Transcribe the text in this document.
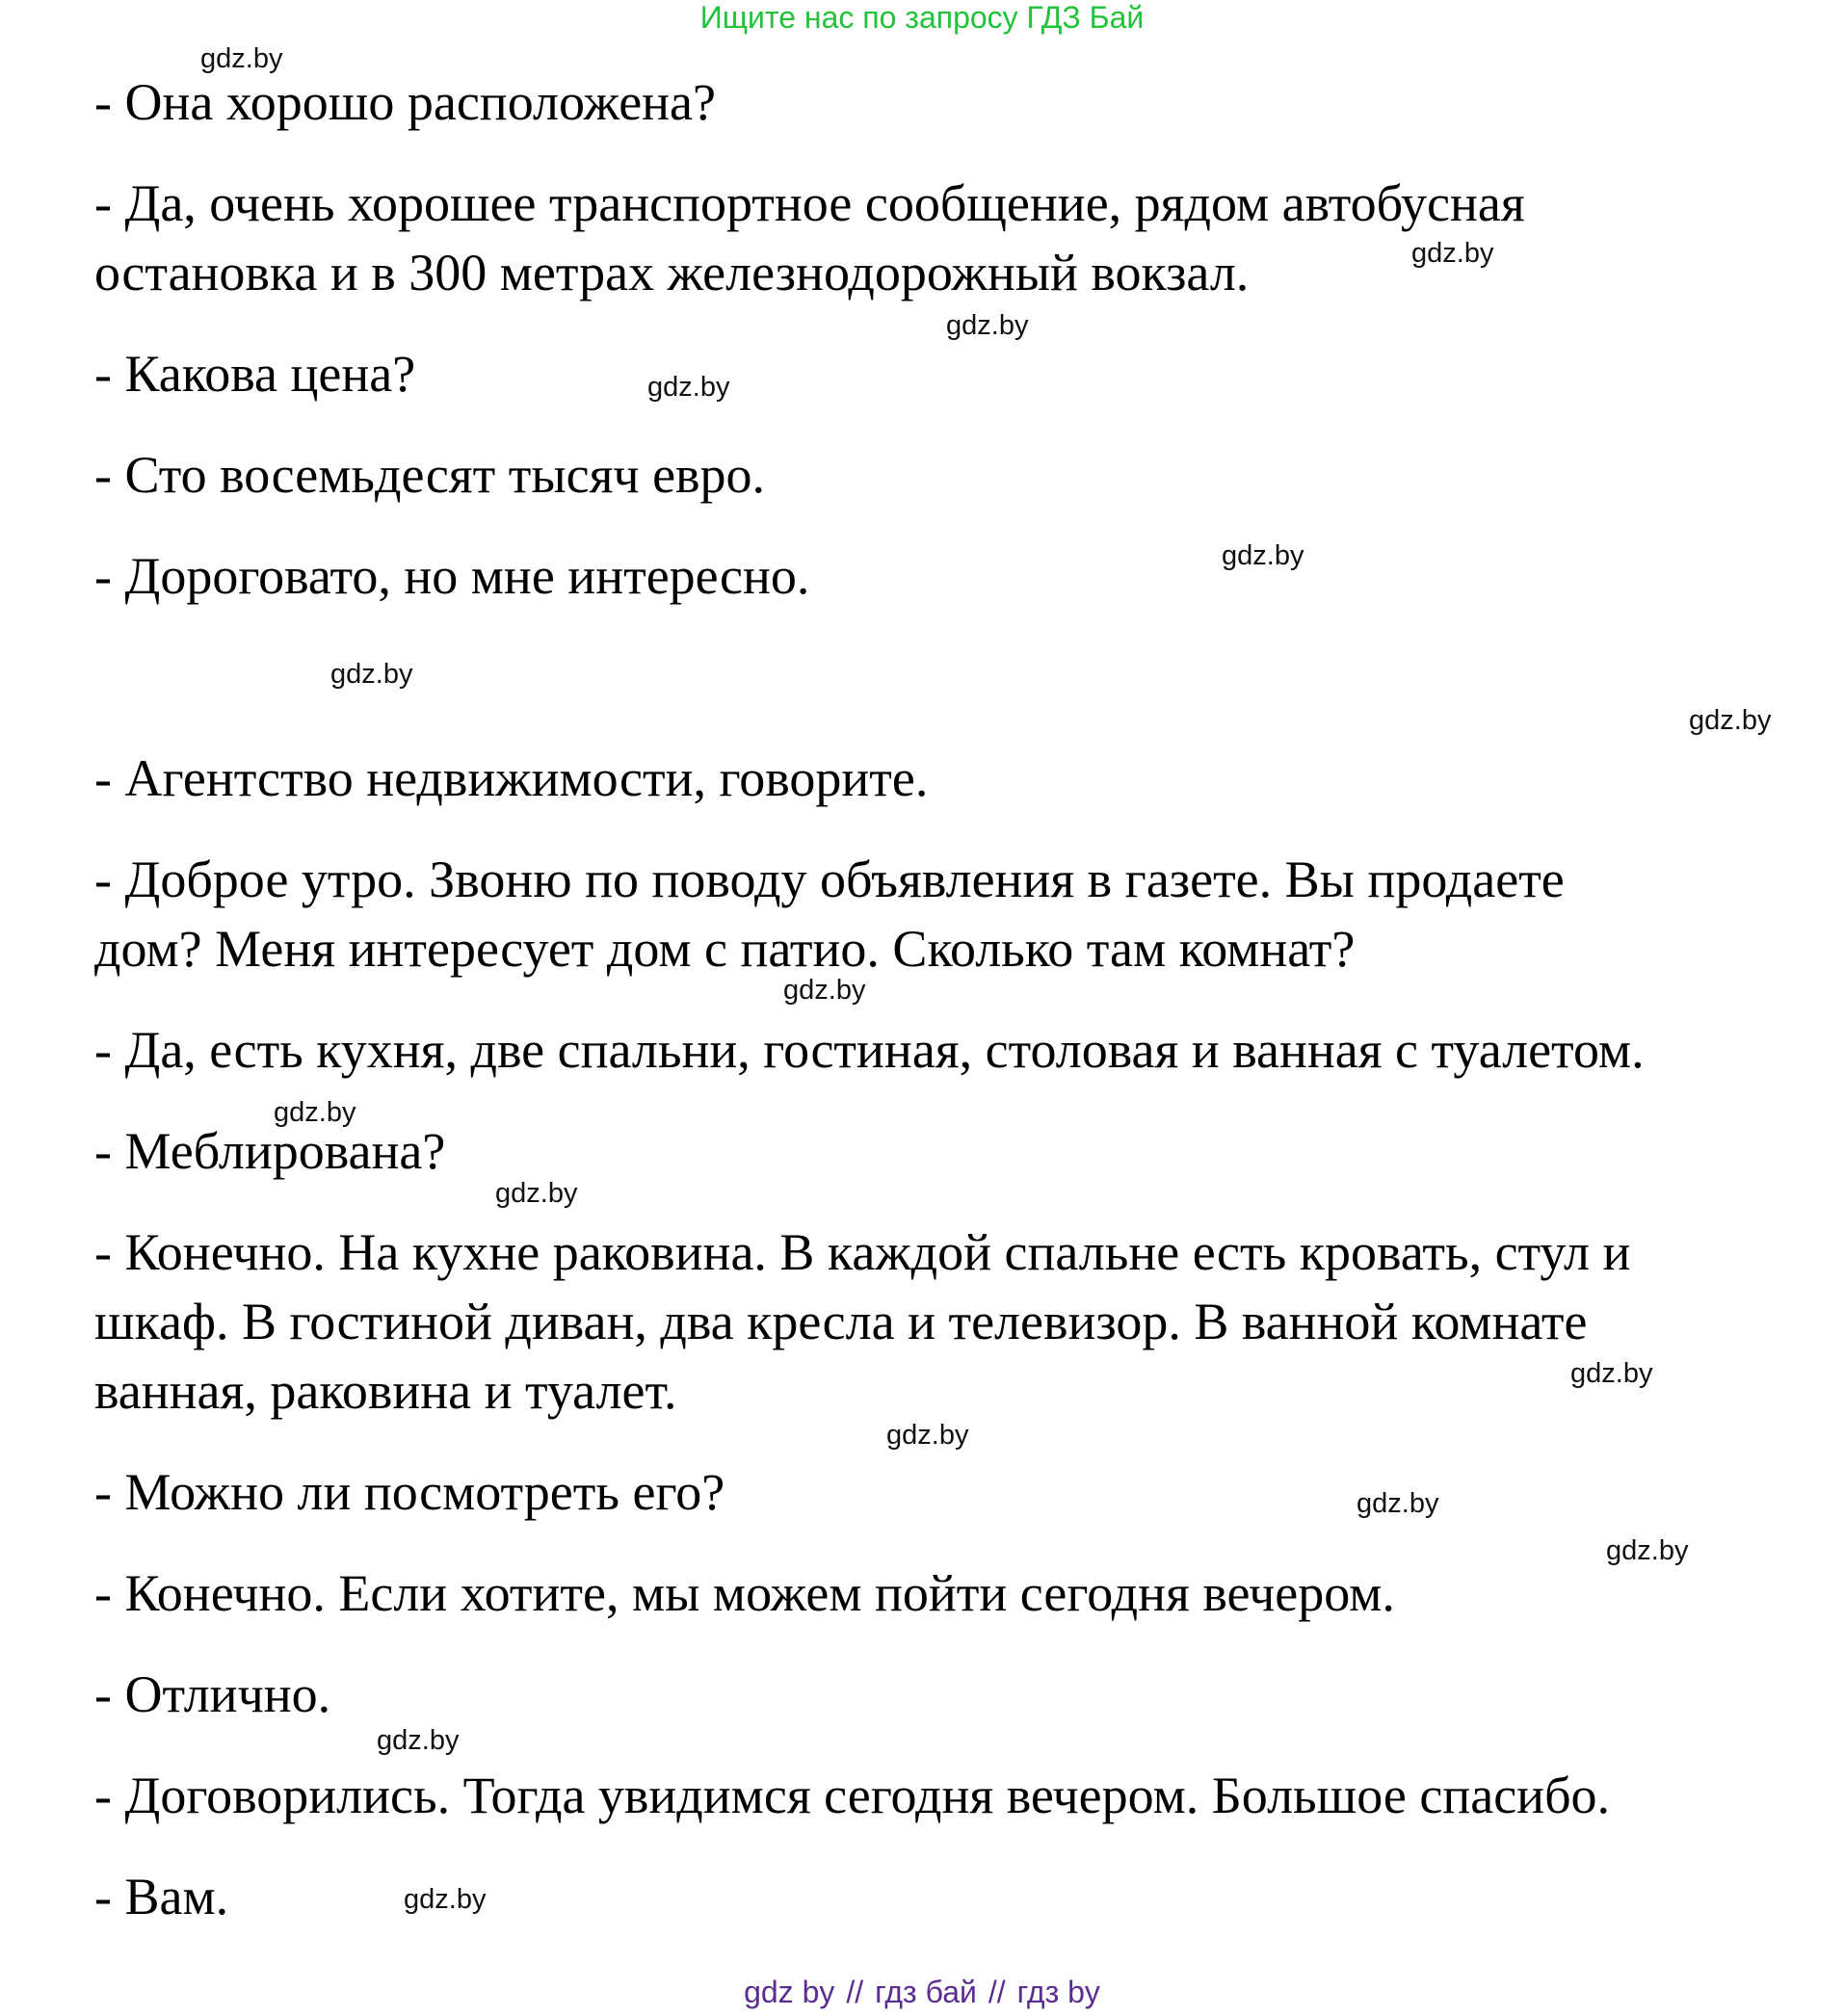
Ищите нас по запросу ГДЗ Бай
- Она хорошо расположена?
- Да, очень хорошее транспортное сообщение, рядом автобусная
остановка и в 300 метрах железнодорожный вокзал.
- Какова цена?
- Сто восемьдесят тысяч евро.
- Дороговато, но мне интересно.
- Агентство недвижимости, говорите.
- Доброе утро. Звоню по поводу объявления в газете. Вы продаете
дом? Меня интересует дом с патио. Сколько там комнат?
- Да, есть кухня, две спальни, гостиная, столовая и ванная с туалетом.
- Меблирована?
- Конечно. На кухне раковина. В каждой спальне есть кровать, стул и
шкаф. В гостиной диван, два кресла и телевизор. В ванной комнате
ванная, раковина и туалет.
- Можно ли посмотреть его?
- Конечно. Если хотите, мы можем пойти сегодня вечером.
- Отлично.
- Договорились. Тогда увидимся сегодня вечером. Большое спасибо.
- Вам.
gdz.by
gdz.by
gdz.by
gdz.by
gdz.by
gdz.by
gdz.by
gdz.by
gdz.by
gdz.by
gdz.by
gdz.by
gdz.by
gdz.by
gdz.by
gdz.by
gdz by // гдз бай // гдз by
